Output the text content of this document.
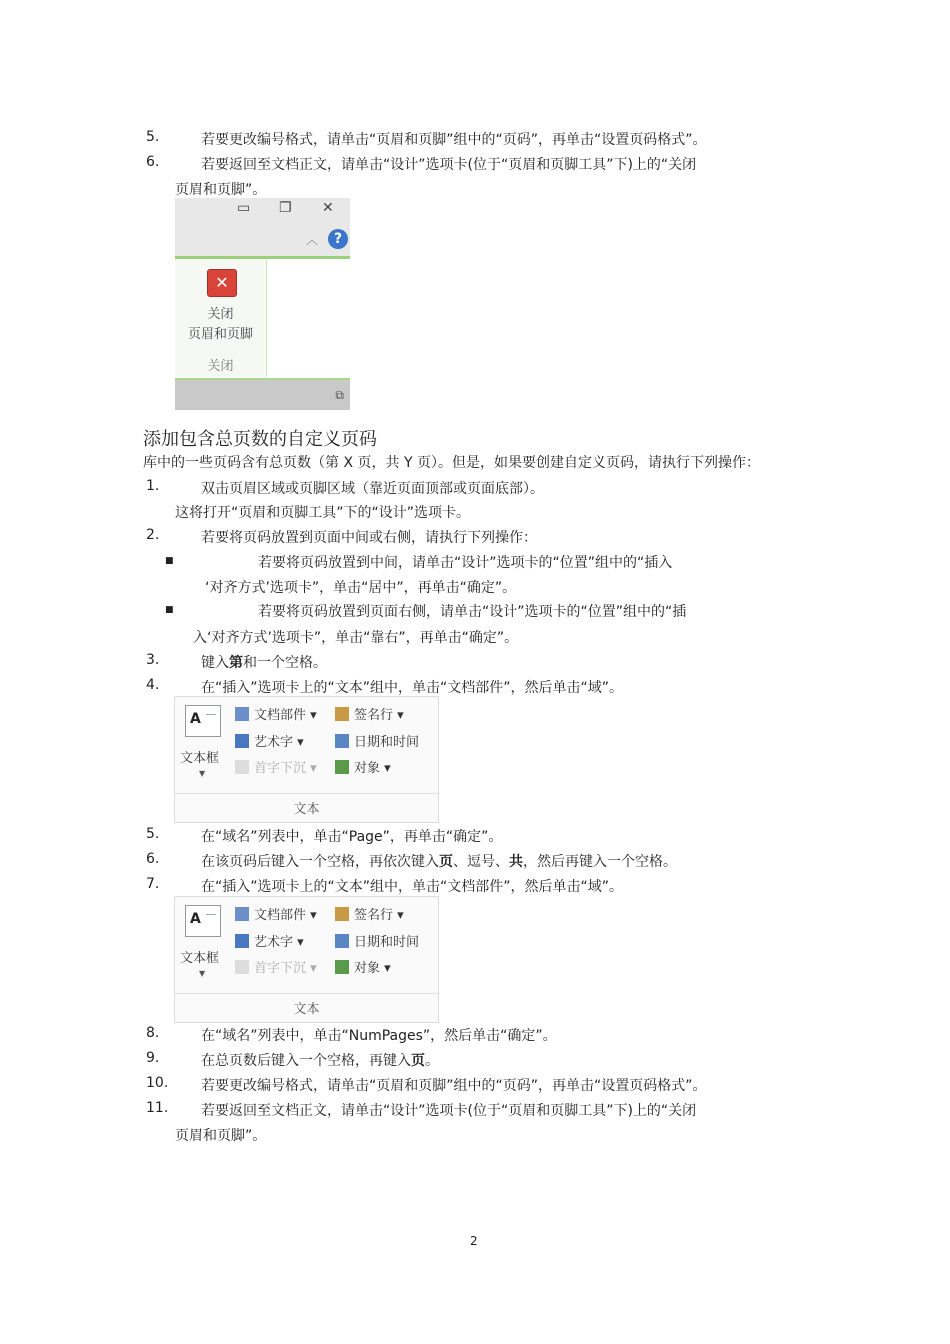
5.	若要更改编号格式，请单击“页眉和页脚”组中的“页码”，再单击“设置页码格式”。
6.	若要返回至文档正文，请单击“设计”选项卡(位于“页眉和页脚工具”下)上的“关闭
页眉和页脚”。
▭ ❐ ✕
︿	?
✕
关闭
页眉和页脚
关闭
⧉
添加包含总页数的自定义页码
库中的一些页码含有总页数（第 X 页，共 Y 页）。但是，如果要创建自定义页码，请执行下列操作：
1.	双击页眉区域或页脚区域（靠近页面顶部或页面底部）。
这将打开“页眉和页脚工具”下的“设计”选项卡。
2.	若要将页码放置到页面中间或右侧，请执行下列操作：
■	若要将页码放置到中间，请单击“设计”选项卡的“位置”组中的“插入
‘对齐方式’选项卡”，单击“居中”，再单击“确定”。
■	若要将页码放置到页面右侧，请单击“设计”选项卡的“位置”组中的“插
入‘对齐方式’选项卡”，单击“靠右”，再单击“确定”。
3.	键入第和一个空格。
4.	在“插入”选项卡上的“文本”组中，单击“文档部件”，然后单击“域”。
A
文本框
▼
文档部件 ▾
艺术字 ▾
首字下沉 ▾
签名行 ▾
日期和时间
对象 ▾
文本
5.	在“域名”列表中，单击“Page”，再单击“确定”。
6.	在该页码后键入一个空格，再依次键入页、逗号、共，然后再键入一个空格。
7.	在“插入”选项卡上的“文本”组中，单击“文档部件”，然后单击“域”。
A
文本框
▼
文档部件 ▾
艺术字 ▾
首字下沉 ▾
签名行 ▾
日期和时间
对象 ▾
文本
8.	在“域名”列表中，单击“NumPages”，然后单击“确定”。
9.	在总页数后键入一个空格，再键入页。
10. 若要更改编号格式，请单击“页眉和页脚”组中的“页码”，再单击“设置页码格式”。
11. 若要返回至文档正文，请单击“设计”选项卡(位于“页眉和页脚工具”下)上的“关闭
页眉和页脚”。
2
